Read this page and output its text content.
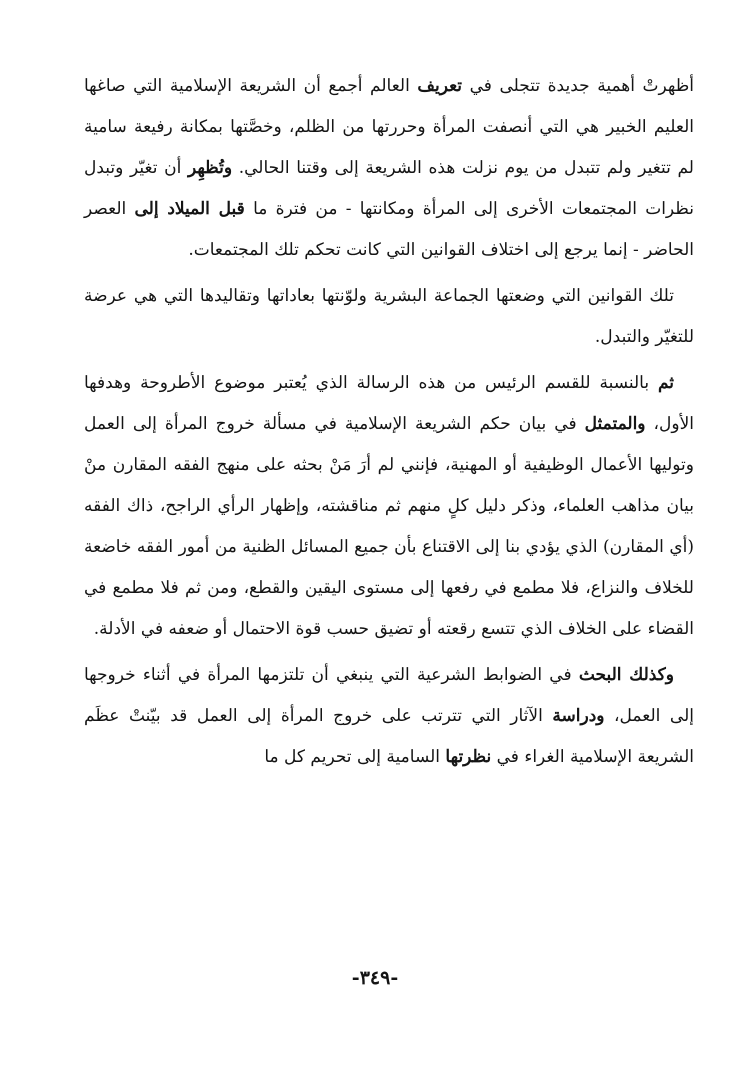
أظهرتْ أهمية جديدة تتجلى في تعريف العالم أجمع أن الشريعة الإسلامية التي صاغها العليم الخبير هي التي أنصفت المرأة وحررتها من الظلم، وخصَّتها بمكانة رفيعة سامية لم تتغير ولم تتبدل من يوم نزلت هذه الشريعة إلى وقتنا الحالي. وتُظهِر أن تغيّر وتبدل نظرات المجتمعات الأخرى إلى المرأة ومكانتها - من فترة ما قبل الميلاد إلى العصر الحاضر - إنما يرجع إلى اختلاف القوانين التي كانت تحكم تلك المجتمعات.

تلك القوانين التي وضعتها الجماعة البشرية ولوّنتها بعاداتها وتقاليدها التي هي عرضة للتغيّر والتبدل.

ثم بالنسبة للقسم الرئيس من هذه الرسالة الذي يُعتبر موضوع الأطروحة وهدفها الأول، والمتمثل في بيان حكم الشريعة الإسلامية في مسألة خروج المرأة إلى العمل وتوليها الأعمال الوظيفية أو المهنية، فإنني لم أرَ مَنْ بحثه على منهج الفقه المقارن منْ بيان مذاهب العلماء، وذكر دليل كلٍ منهم ثم مناقشته، وإظهار الرأي الراجح، ذاك الفقه (أي المقارن) الذي يؤدي بنا إلى الاقتناع بأن جميع المسائل الظنية من أمور الفقه خاضعة للخلاف والنزاع، فلا مطمع في رفعها إلى مستوى اليقين والقطع، ومن ثم فلا مطمع في القضاء على الخلاف الذي تتسع رقعته أو تضيق حسب قوة الاحتمال أو ضعفه في الأدلة.

وكذلك البحث في الضوابط الشرعية التي ينبغي أن تلتزمها المرأة في أثناء خروجها إلى العمل، ودراسة الآثار التي تترتب على خروج المرأة إلى العمل قد بيّنتْ عظَم الشريعة الإسلامية الغراء في نظرتها السامية إلى تحريم كل ما

-٣٤٩-
